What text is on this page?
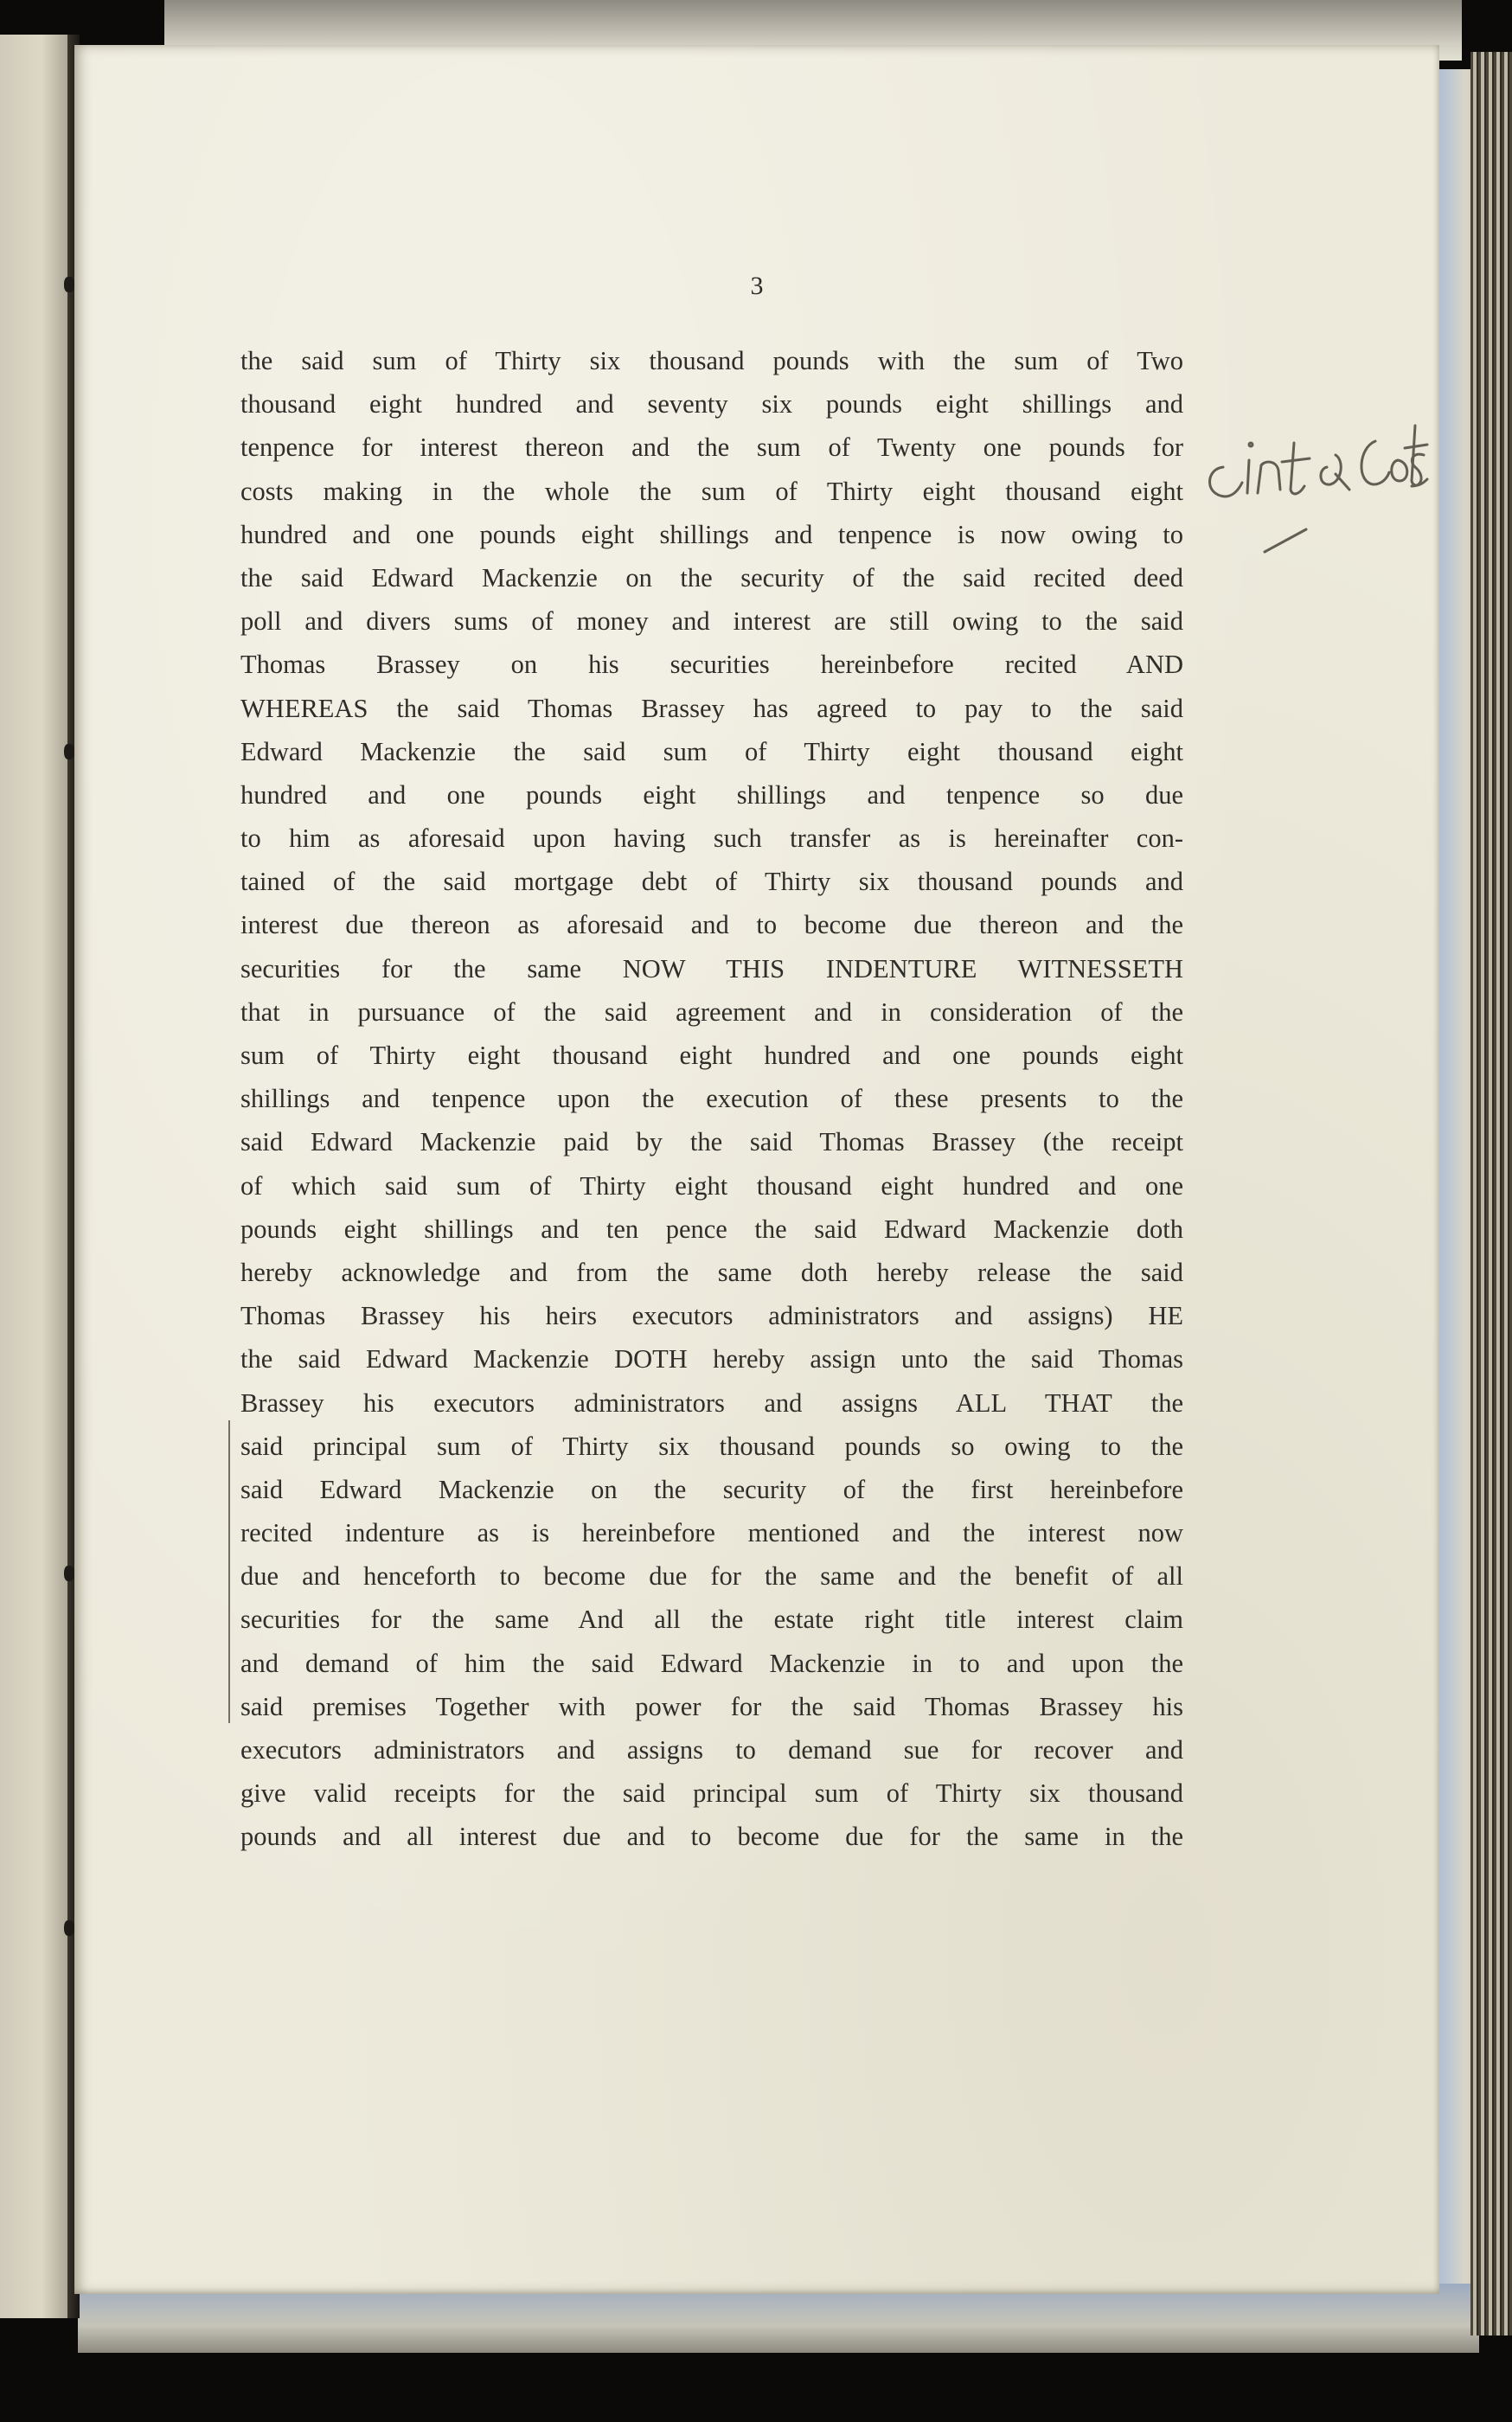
3
the said sum of Thirty six thousand pounds with the sum of Two
thousand eight hundred and seventy six pounds eight shillings and
tenpence for interest thereon and the sum of Twenty one pounds for
costs making in the whole the sum of Thirty eight thousand eight
hundred and one pounds eight shillings and tenpence is now owing to
the said Edward Mackenzie on the security of the said recited deed
poll and divers sums of money and interest are still owing to the said
Thomas Brassey on his securities hereinbefore recited AND
WHEREAS the said Thomas Brassey has agreed to pay to the said
Edward Mackenzie the said sum of Thirty eight thousand eight
hundred and one pounds eight shillings and tenpence so due
to him as aforesaid upon having such transfer as is hereinafter con-
tained of the said mortgage debt of Thirty six thousand pounds and
interest due thereon as aforesaid and to become due thereon and the
securities for the same NOW THIS INDENTURE WITNESSETH
that in pursuance of the said agreement and in consideration of the
sum of Thirty eight thousand eight hundred and one pounds eight
shillings and tenpence upon the execution of these presents to the
said Edward Mackenzie paid by the said Thomas Brassey (the receipt
of which said sum of Thirty eight thousand eight hundred and one
pounds eight shillings and ten pence the said Edward Mackenzie doth
hereby acknowledge and from the same doth hereby release the said
Thomas Brassey his heirs executors administrators and assigns) HE
the said Edward Mackenzie DOTH hereby assign unto the said Thomas
Brassey his executors administrators and assigns ALL THAT the
said principal sum of Thirty six thousand pounds so owing to the
said Edward Mackenzie on the security of the first hereinbefore
recited indenture as is hereinbefore mentioned and the interest now
due and henceforth to become due for the same and the benefit of all
securities for the same And all the estate right title interest claim
and demand of him the said Edward Mackenzie in to and upon the
said premises Together with power for the said Thomas Brassey his
executors administrators and assigns to demand sue for recover and
give valid receipts for the said principal sum of Thirty six thousand
pounds and all interest due and to become due for the same in the
